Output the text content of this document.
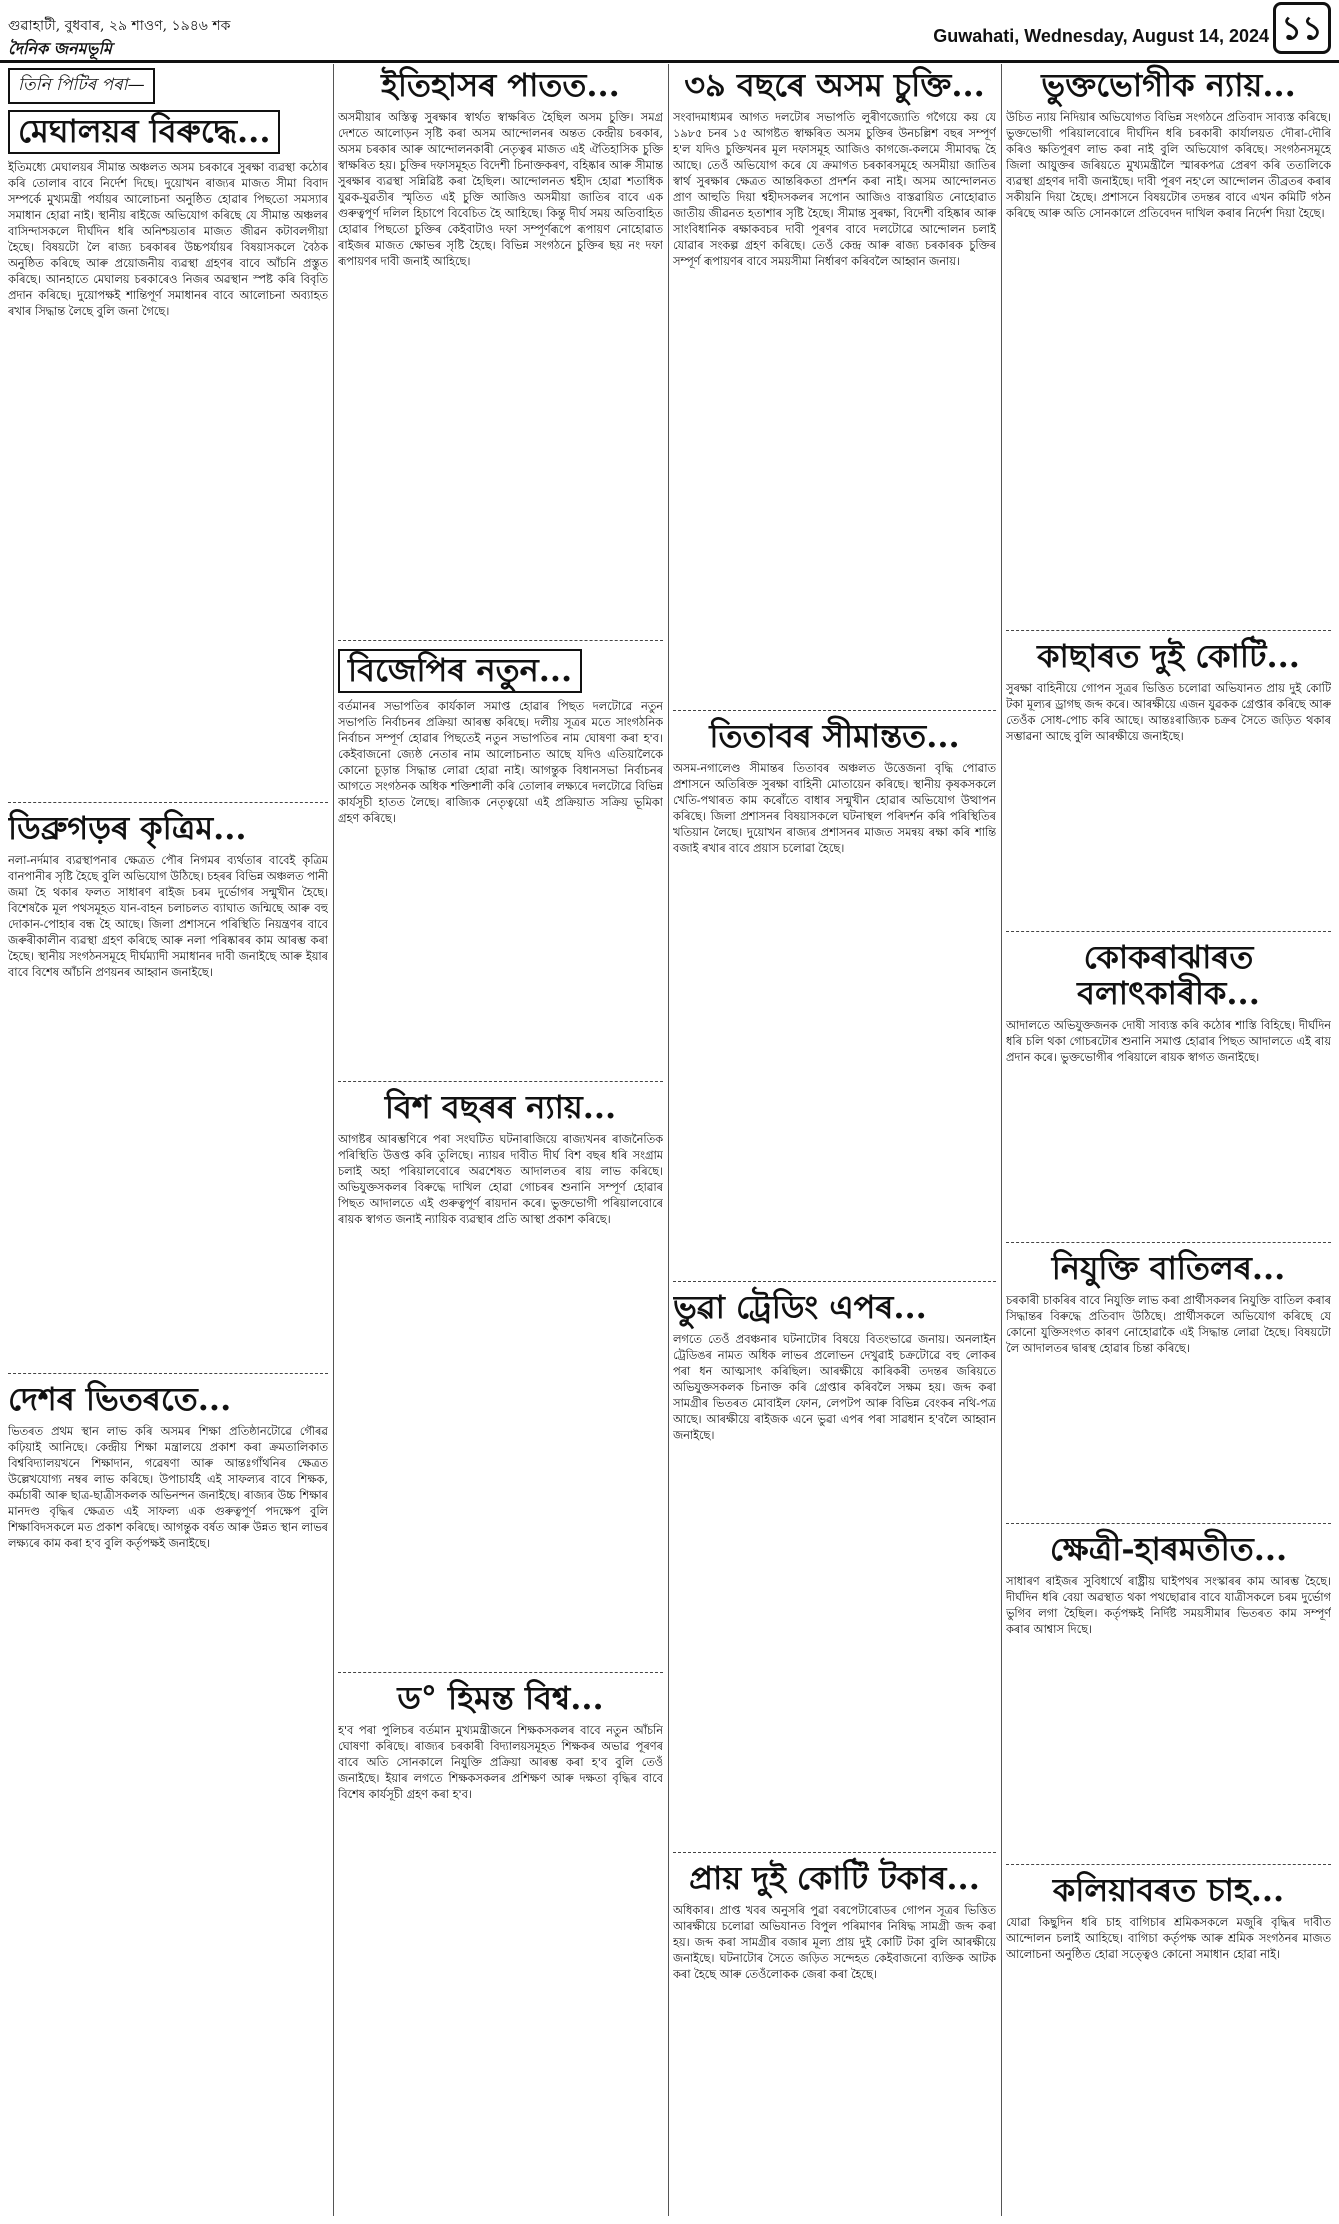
গুৱাহাটী, বুধবাৰ, ২৯ শাওণ, ১৯৪৬ শক
দৈনিক জনমভূমি
Guwahati, Wednesday, August 14, 2024 ১১
তিনি পিটিৰ পৰা—
মেঘালয়ৰ বিৰুদ্ধে...

ইতিমধ্যে মেঘালয়ৰ সীমান্ত অঞ্চলত অসম চৰকাৰে সুৰক্ষা ব্যৱস্থা কঠোৰ কৰি তোলাৰ বাবে নিৰ্দেশ দিছে। দুয়োখন ৰাজ্যৰ মাজত সীমা বিবাদ সম্পৰ্কে মুখ্যমন্ত্ৰী পৰ্যায়ৰ আলোচনা অনুষ্ঠিত হোৱাৰ পিছতো সমস্যাৰ সমাধান হোৱা নাই। স্থানীয় ৰাইজে অভিযোগ কৰিছে যে সীমান্ত অঞ্চলৰ বাসিন্দাসকলে দীৰ্ঘদিন ধৰি অনিশ্চয়তাৰ মাজত জীৱন কটাবলগীয়া হৈছে। বিষয়টো লৈ ৰাজ্য চৰকাৰৰ উচ্চপৰ্যায়ৰ বিষয়াসকলে বৈঠক অনুষ্ঠিত কৰিছে আৰু প্ৰয়োজনীয় ব্যৱস্থা গ্ৰহণৰ বাবে আঁচনি প্ৰস্তুত কৰিছে। আনহাতে মেঘালয় চৰকাৰেও নিজৰ অৱস্থান স্পষ্ট কৰি বিবৃতি প্ৰদান কৰিছে। দুয়োপক্ষই শান্তিপূৰ্ণ সমাধানৰ বাবে আলোচনা অব্যাহত ৰখাৰ সিদ্ধান্ত লৈছে বুলি জনা গৈছে।

ডিব্ৰুগড়ৰ কৃত্ৰিম...

নলা-নৰ্দমাৰ ব্যৱস্থাপনাৰ ক্ষেত্ৰত পৌৰ নিগমৰ ব্যৰ্থতাৰ বাবেই কৃত্ৰিম বানপানীৰ সৃষ্টি হৈছে বুলি অভিযোগ উঠিছে। চহৰৰ বিভিন্ন অঞ্চলত পানী জমা হৈ থকাৰ ফলত সাধাৰণ ৰাইজ চৰম দুৰ্ভোগৰ সন্মুখীন হৈছে। বিশেষকৈ মূল পথসমূহত যান-বাহন চলাচলত ব্যাঘাত জন্মিছে আৰু বহু দোকান-পোহাৰ বন্ধ হৈ আছে। জিলা প্ৰশাসনে পৰিস্থিতি নিয়ন্ত্ৰণৰ বাবে জৰুৰীকালীন ব্যৱস্থা গ্ৰহণ কৰিছে আৰু নলা পৰিষ্কাৰৰ কাম আৰম্ভ কৰা হৈছে। স্থানীয় সংগঠনসমূহে দীৰ্ঘম্যাদী সমাধানৰ দাবী জনাইছে আৰু ইয়াৰ বাবে বিশেষ আঁচনি প্ৰণয়নৰ আহ্বান জনাইছে।

দেশৰ ভিতৰতে...

ভিতৰত প্ৰথম স্থান লাভ কৰি অসমৰ শিক্ষা প্ৰতিষ্ঠানটোৱে গৌৰৱ কঢ়িয়াই আনিছে। কেন্দ্ৰীয় শিক্ষা মন্ত্ৰালয়ে প্ৰকাশ কৰা ক্ৰমতালিকাত বিশ্ববিদ্যালয়খনে শিক্ষাদান, গৱেষণা আৰু আন্তঃগাঁথনিৰ ক্ষেত্ৰত উল্লেখযোগ্য নম্বৰ লাভ কৰিছে। উপাচাৰ্যই এই সাফল্যৰ বাবে শিক্ষক, কৰ্মচাৰী আৰু ছাত্ৰ-ছাত্ৰীসকলক অভিনন্দন জনাইছে। ৰাজ্যৰ উচ্চ শিক্ষাৰ মানদণ্ড বৃদ্ধিৰ ক্ষেত্ৰত এই সাফল্য এক গুৰুত্বপূৰ্ণ পদক্ষেপ বুলি শিক্ষাবিদসকলে মত প্ৰকাশ কৰিছে। আগন্তুক বৰ্ষত আৰু উন্নত স্থান লাভৰ লক্ষ্যৰে কাম কৰা হ'ব বুলি কৰ্তৃপক্ষই জনাইছে।

ইতিহাসৰ পাতত...

অসমীয়াৰ অস্তিত্ব সুৰক্ষাৰ স্বাৰ্থত স্বাক্ষৰিত হৈছিল অসম চুক্তি। সমগ্ৰ দেশতে আলোড়ন সৃষ্টি কৰা অসম আন্দোলনৰ অন্তত কেন্দ্ৰীয় চৰকাৰ, অসম চৰকাৰ আৰু আন্দোলনকাৰী নেতৃত্বৰ মাজত এই ঐতিহাসিক চুক্তি স্বাক্ষৰিত হয়। চুক্তিৰ দফাসমূহত বিদেশী চিনাক্তকৰণ, বহিষ্কাৰ আৰু সীমান্ত সুৰক্ষাৰ ব্যৱস্থা সন্নিৱিষ্ট কৰা হৈছিল। আন্দোলনত শ্বহীদ হোৱা শতাধিক যুৱক-যুৱতীৰ স্মৃতিত এই চুক্তি আজিও অসমীয়া জাতিৰ বাবে এক গুৰুত্বপূৰ্ণ দলিল হিচাপে বিবেচিত হৈ আহিছে। কিন্তু দীৰ্ঘ সময় অতিবাহিত হোৱাৰ পিছতো চুক্তিৰ কেইবাটাও দফা সম্পূৰ্ণৰূপে ৰূপায়ণ নোহোৱাত ৰাইজৰ মাজত ক্ষোভৰ সৃষ্টি হৈছে। বিভিন্ন সংগঠনে চুক্তিৰ ছয় নং দফা ৰূপায়ণৰ দাবী জনাই আহিছে।

বিজেপিৰ নতুন...

বৰ্তমানৰ সভাপতিৰ কাৰ্যকাল সমাপ্ত হোৱাৰ পিছত দলটোৱে নতুন সভাপতি নিৰ্বাচনৰ প্ৰক্ৰিয়া আৰম্ভ কৰিছে। দলীয় সূত্ৰৰ মতে সাংগঠনিক নিৰ্বাচন সম্পূৰ্ণ হোৱাৰ পিছতেই নতুন সভাপতিৰ নাম ঘোষণা কৰা হ'ব। কেইবাজনো জ্যেষ্ঠ নেতাৰ নাম আলোচনাত আছে যদিও এতিয়ালৈকে কোনো চূড়ান্ত সিদ্ধান্ত লোৱা হোৱা নাই। আগন্তুক বিধানসভা নিৰ্বাচনৰ আগতে সংগঠনক অধিক শক্তিশালী কৰি তোলাৰ লক্ষ্যৰে দলটোৱে বিভিন্ন কাৰ্যসূচী হাতত লৈছে। ৰাজ্যিক নেতৃত্বয়ো এই প্ৰক্ৰিয়াত সক্ৰিয় ভূমিকা গ্ৰহণ কৰিছে।

বিশ বছৰৰ ন্যায়...

আগষ্টৰ আৰম্ভণিৰে পৰা সংঘটিত ঘটনাৰাজিয়ে ৰাজ্যখনৰ ৰাজনৈতিক পৰিস্থিতি উত্তপ্ত কৰি তুলিছে। ন্যায়ৰ দাবীত দীৰ্ঘ বিশ বছৰ ধৰি সংগ্ৰাম চলাই অহা পৰিয়ালবোৰে অৱশেষত আদালতৰ ৰায় লাভ কৰিছে। অভিযুক্তসকলৰ বিৰুদ্ধে দাখিল হোৱা গোচৰৰ শুনানি সম্পূৰ্ণ হোৱাৰ পিছত আদালতে এই গুৰুত্বপূৰ্ণ ৰায়দান কৰে। ভুক্তভোগী পৰিয়ালবোৰে ৰায়ক স্বাগত জনাই ন্যায়িক ব্যৱস্থাৰ প্ৰতি আস্থা প্ৰকাশ কৰিছে।

ড° হিমন্ত বিশ্ব...

হ'ব পৰা পুলিচৰ বৰ্তমান মুখ্যমন্ত্ৰীজনে শিক্ষকসকলৰ বাবে নতুন আঁচনি ঘোষণা কৰিছে। ৰাজ্যৰ চৰকাৰী বিদ্যালয়সমূহত শিক্ষকৰ অভাৱ পূৰণৰ বাবে অতি সোনকালে নিযুক্তি প্ৰক্ৰিয়া আৰম্ভ কৰা হ'ব বুলি তেওঁ জনাইছে। ইয়াৰ লগতে শিক্ষকসকলৰ প্ৰশিক্ষণ আৰু দক্ষতা বৃদ্ধিৰ বাবে বিশেষ কাৰ্যসূচী গ্ৰহণ কৰা হ'ব।

৩৯ বছৰে অসম চুক্তি...

সংবাদমাধ্যমৰ আগত দলটোৰ সভাপতি লুৰীণজ্যোতি গগৈয়ে কয় যে ১৯৮৫ চনৰ ১৫ আগষ্টত স্বাক্ষৰিত অসম চুক্তিৰ উনচল্লিশ বছৰ সম্পূৰ্ণ হ'ল যদিও চুক্তিখনৰ মূল দফাসমূহ আজিও কাগজে-কলমে সীমাবদ্ধ হৈ আছে। তেওঁ অভিযোগ কৰে যে ক্ৰমাগত চৰকাৰসমূহে অসমীয়া জাতিৰ স্বাৰ্থ সুৰক্ষাৰ ক্ষেত্ৰত আন্তৰিকতা প্ৰদৰ্শন কৰা নাই। অসম আন্দোলনত প্ৰাণ আহুতি দিয়া শ্বহীদসকলৰ সপোন আজিও বাস্তৱায়িত নোহোৱাত জাতীয় জীৱনত হতাশাৰ সৃষ্টি হৈছে। সীমান্ত সুৰক্ষা, বিদেশী বহিষ্কাৰ আৰু সাংবিধানিক ৰক্ষাকবচৰ দাবী পূৰণৰ বাবে দলটোৱে আন্দোলন চলাই যোৱাৰ সংকল্প গ্ৰহণ কৰিছে। তেওঁ কেন্দ্ৰ আৰু ৰাজ্য চৰকাৰক চুক্তিৰ সম্পূৰ্ণ ৰূপায়ণৰ বাবে সময়সীমা নিৰ্ধাৰণ কৰিবলৈ আহ্বান জনায়।

তিতাবৰ সীমান্তত...

অসম-নগালেণ্ড সীমান্তৰ তিতাবৰ অঞ্চলত উত্তেজনা বৃদ্ধি পোৱাত প্ৰশাসনে অতিৰিক্ত সুৰক্ষা বাহিনী মোতায়েন কৰিছে। স্থানীয় কৃষকসকলে খেতি-পথাৰত কাম কৰোঁতে বাধাৰ সন্মুখীন হোৱাৰ অভিযোগ উত্থাপন কৰিছে। জিলা প্ৰশাসনৰ বিষয়াসকলে ঘটনাস্থল পৰিদৰ্শন কৰি পৰিস্থিতিৰ খতিয়ান লৈছে। দুয়োখন ৰাজ্যৰ প্ৰশাসনৰ মাজত সমন্বয় ৰক্ষা কৰি শান্তি বজাই ৰখাৰ বাবে প্ৰয়াস চলোৱা হৈছে।

ভুৱা ট্ৰেডিং এপৰ...

লগতে তেওঁ প্ৰবঞ্চনাৰ ঘটনাটোৰ বিষয়ে বিতংভাৱে জনায়। অনলাইন ট্ৰেডিঙৰ নামত অধিক লাভৰ প্ৰলোভন দেখুৱাই চক্ৰটোৱে বহু লোকৰ পৰা ধন আত্মসাৎ কৰিছিল। আৰক্ষীয়ে কাৰিকৰী তদন্তৰ জৰিয়তে অভিযুক্তসকলক চিনাক্ত কৰি গ্ৰেপ্তাৰ কৰিবলৈ সক্ষম হয়। জব্দ কৰা সামগ্ৰীৰ ভিতৰত মোবাইল ফোন, লেপটপ আৰু বিভিন্ন বেংকৰ নথি-পত্ৰ আছে। আৰক্ষীয়ে ৰাইজক এনে ভুৱা এপৰ পৰা সাৱধান হ'বলৈ আহ্বান জনাইছে।

প্ৰায় দুই কোটি টকাৰ...

অধিকাৰ। প্ৰাপ্ত খবৰ অনুসৰি পুৱা বৰপেটাৰোডৰ গোপন সূত্ৰৰ ভিত্তিত আৰক্ষীয়ে চলোৱা অভিযানত বিপুল পৰিমাণৰ নিষিদ্ধ সামগ্ৰী জব্দ কৰা হয়। জব্দ কৰা সামগ্ৰীৰ বজাৰ মূল্য প্ৰায় দুই কোটি টকা বুলি আৰক্ষীয়ে জনাইছে। ঘটনাটোৰ সৈতে জড়িত সন্দেহত কেইবাজনো ব্যক্তিক আটক কৰা হৈছে আৰু তেওঁলোকক জেৰা কৰা হৈছে।

ভুক্তভোগীক ন্যায়...

উচিত ন্যায় নিদিয়াৰ অভিযোগত বিভিন্ন সংগঠনে প্ৰতিবাদ সাব্যস্ত কৰিছে। ভুক্তভোগী পৰিয়ালবোৰে দীৰ্ঘদিন ধৰি চৰকাৰী কাৰ্যালয়ত দৌৰা-দৌৰি কৰিও ক্ষতিপূৰণ লাভ কৰা নাই বুলি অভিযোগ কৰিছে। সংগঠনসমূহে জিলা আয়ুক্তৰ জৰিয়তে মুখ্যমন্ত্ৰীলৈ স্মাৰকপত্ৰ প্ৰেৰণ কৰি ততালিকে ব্যৱস্থা গ্ৰহণৰ দাবী জনাইছে। দাবী পূৰণ নহ'লে আন্দোলন তীব্ৰতৰ কৰাৰ সকীয়নি দিয়া হৈছে। প্ৰশাসনে বিষয়টোৰ তদন্তৰ বাবে এখন কমিটি গঠন কৰিছে আৰু অতি সোনকালে প্ৰতিবেদন দাখিল কৰাৰ নিৰ্দেশ দিয়া হৈছে।

কাছাৰত দুই কোটি...

সুৰক্ষা বাহিনীয়ে গোপন সূত্ৰৰ ভিত্তিত চলোৱা অভিযানত প্ৰায় দুই কোটি টকা মূল্যৰ ড্ৰাগছ জব্দ কৰে। আৰক্ষীয়ে এজন যুৱকক গ্ৰেপ্তাৰ কৰিছে আৰু তেওঁক সোধ-পোচ কৰি আছে। আন্তঃৰাজ্যিক চক্ৰৰ সৈতে জড়িত থকাৰ সম্ভাৱনা আছে বুলি আৰক্ষীয়ে জনাইছে।

কোকৰাঝাৰত বলাৎকাৰীক...

আদালতে অভিযুক্তজনক দোষী সাব্যস্ত কৰি কঠোৰ শাস্তি বিহিছে। দীৰ্ঘদিন ধৰি চলি থকা গোচৰটোৰ শুনানি সমাপ্ত হোৱাৰ পিছত আদালতে এই ৰায় প্ৰদান কৰে। ভুক্তভোগীৰ পৰিয়ালে ৰায়ক স্বাগত জনাইছে।

নিযুক্তি বাতিলৰ...

চৰকাৰী চাকৰিৰ বাবে নিযুক্তি লাভ কৰা প্ৰাৰ্থীসকলৰ নিযুক্তি বাতিল কৰাৰ সিদ্ধান্তৰ বিৰুদ্ধে প্ৰতিবাদ উঠিছে। প্ৰাৰ্থীসকলে অভিযোগ কৰিছে যে কোনো যুক্তিসংগত কাৰণ নোহোৱাকৈ এই সিদ্ধান্ত লোৱা হৈছে। বিষয়টো লৈ আদালতৰ দ্বাৰস্থ হোৱাৰ চিন্তা কৰিছে।

ক্ষেত্ৰী-হাৰমতীত...

সাধাৰণ ৰাইজৰ সুবিধাৰ্থে ৰাষ্ট্ৰীয় ঘাইপথৰ সংস্কাৰৰ কাম আৰম্ভ হৈছে। দীৰ্ঘদিন ধৰি বেয়া অৱস্থাত থকা পথছোৱাৰ বাবে যাত্ৰীসকলে চৰম দুৰ্ভোগ ভুগিব লগা হৈছিল। কৰ্তৃপক্ষই নিৰ্দিষ্ট সময়সীমাৰ ভিতৰত কাম সম্পূৰ্ণ কৰাৰ আশ্বাস দিছে।

কলিয়াবৰত চাহ...

যোৱা কিছুদিন ধৰি চাহ বাগিচাৰ শ্ৰমিকসকলে মজুৰি বৃদ্ধিৰ দাবীত আন্দোলন চলাই আহিছে। বাগিচা কৰ্তৃপক্ষ আৰু শ্ৰমিক সংগঠনৰ মাজত আলোচনা অনুষ্ঠিত হোৱা সত্ত্বেও কোনো সমাধান হোৱা নাই।
